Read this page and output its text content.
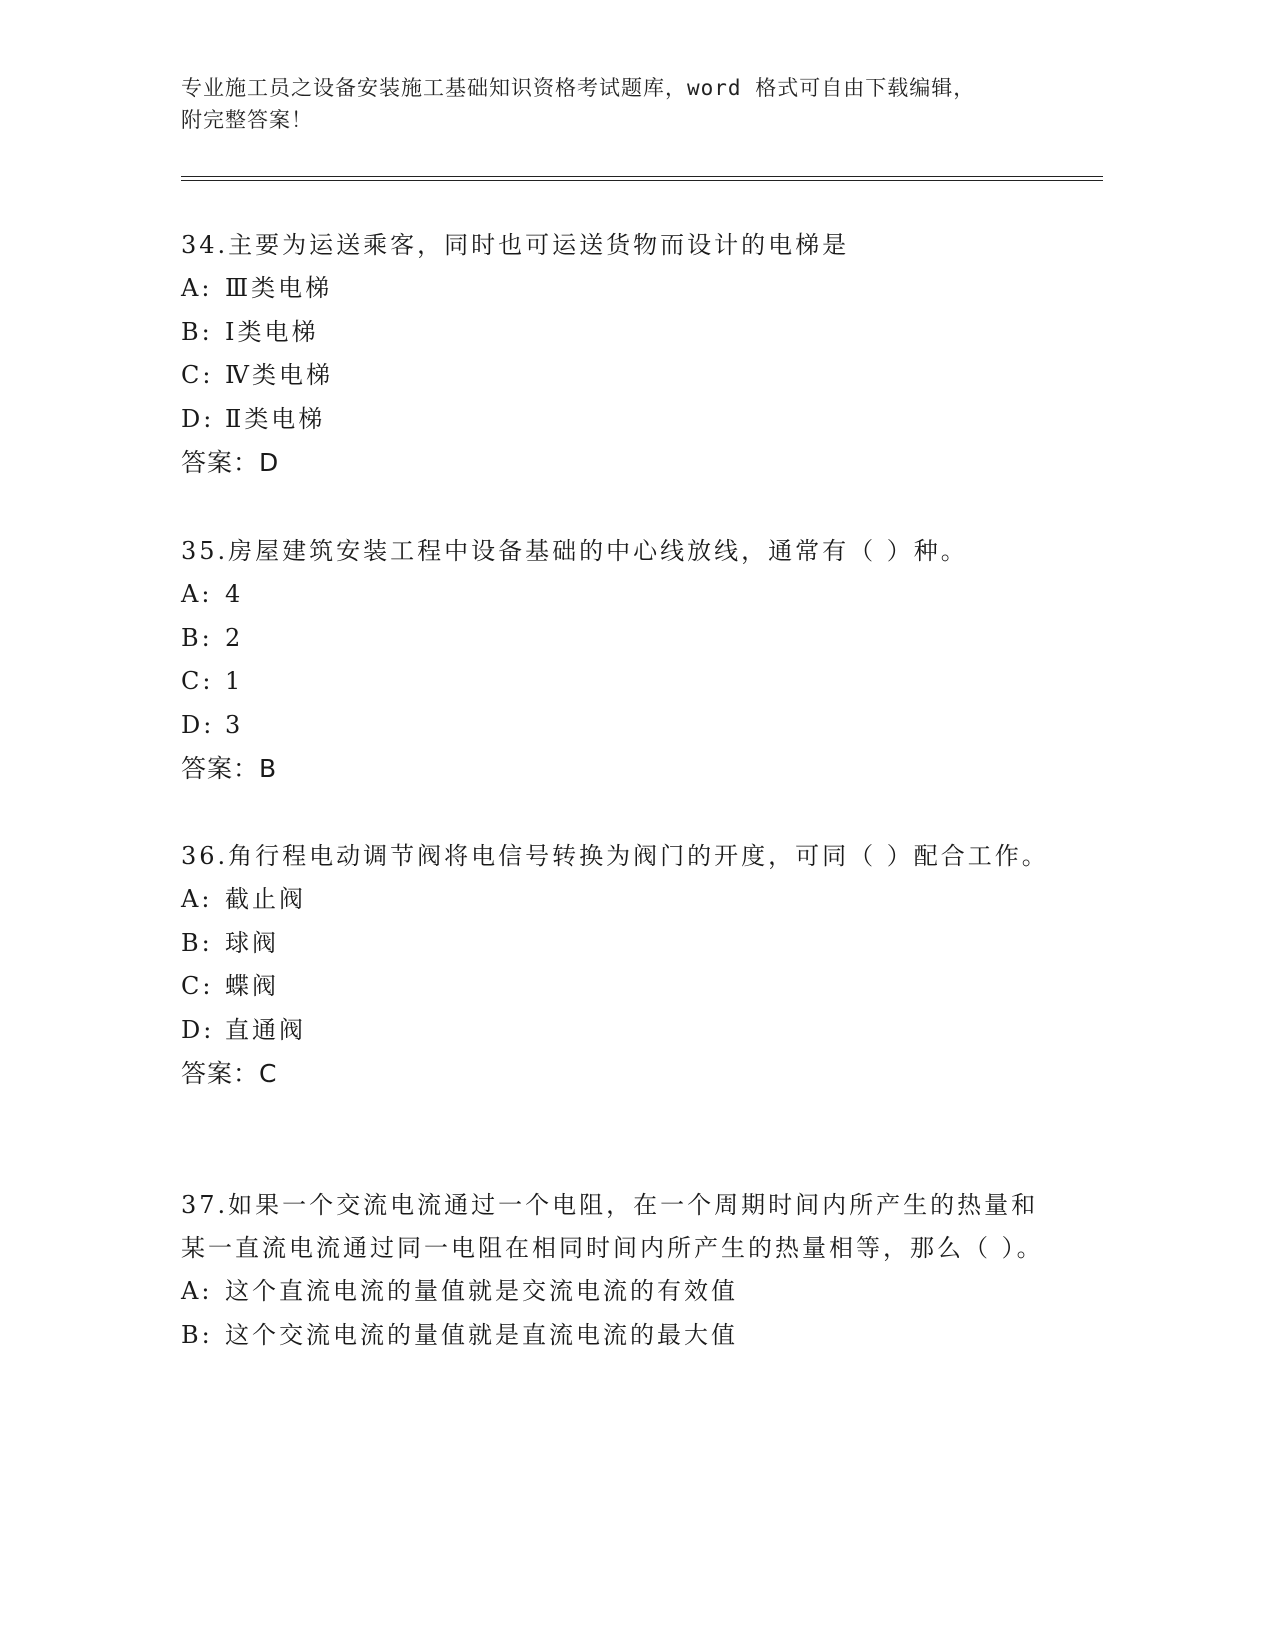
专业施工员之设备安装施工基础知识资格考试题库，word 格式可自由下载编辑，
附完整答案！

34.主要为运送乘客，同时也可运送货物而设计的电梯是

A: Ⅲ类电梯

B: Ⅰ类电梯

C: Ⅳ类电梯

D: Ⅱ类电梯

答案：D

35.房屋建筑安装工程中设备基础的中心线放线，通常有（ ）种。

A: 4

B: 2

C: 1

D: 3

答案：B

36.角行程电动调节阀将电信号转换为阀门的开度，可同（ ）配合工作。

A: 截止阀

B: 球阀

C: 蝶阀

D: 直通阀

答案：C

37.如果一个交流电流通过一个电阻，在一个周期时间内所产生的热量和某一直流电流通过同一电阻在相同时间内所产生的热量相等，那么（ ）。

A: 这个直流电流的量值就是交流电流的有效值

B: 这个交流电流的量值就是直流电流的最大值
